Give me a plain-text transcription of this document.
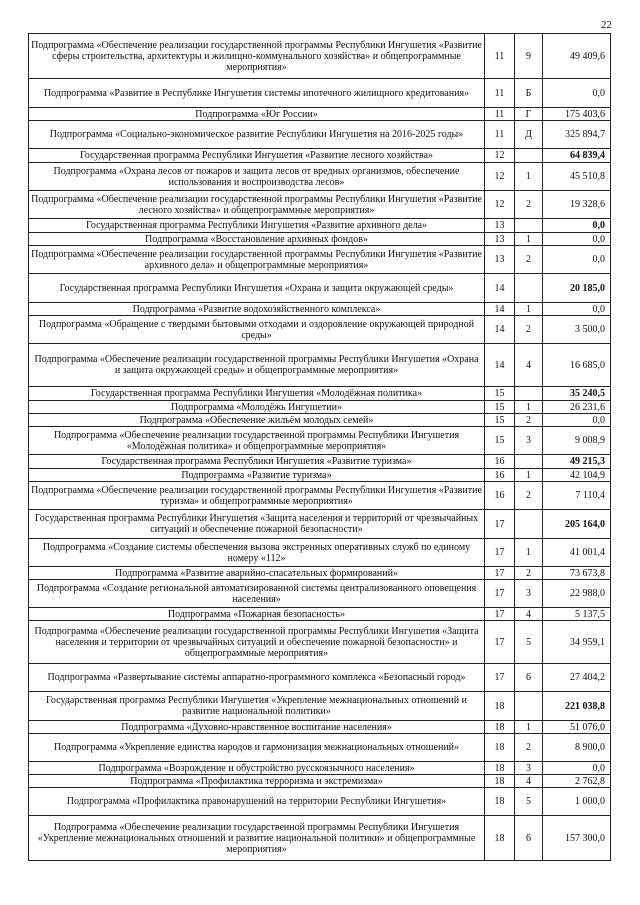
22
Подпрограмма «Обеспечение реализации государственной программы Республики Ингушетия «Развитие сферы строительства, архитектуры и жилищно-коммунального хозяйства» и общепрограммные мероприятия»	11	9	49 409,6
Подпрограмма «Развитие в Республике Ингушетия системы ипотечного жилищного кредитования»	11	Б	0,0
Подпрограмма «Юг России»	11	Г	175 403,6
Подпрограмма «Социально-экономическое развитие Республики Ингушетия на 2016-2025 годы»	11	Д	325 894,7
Государственная программа Республики Ингушетия «Развитие лесного хозяйства»	12		64 839,4
Подпрограмма «Охрана лесов от пожаров и защита лесов от вредных организмов, обеспечение использования и воспроизводства лесов»	12	1	45 510,8
Подпрограмма «Обеспечение реализации государственной программы Республики Ингушетия «Развитие лесного хозяйства» и общепрограммные мероприятия»	12	2	19 328,6
Государственная программа Республики Ингушетия «Развитие архивного дела»	13		0,0
Подпрограмма «Восстановление архивных фондов»	13	1	0,0
Подпрограмма «Обеспечение реализации государственной программы Республики Ингушетия «Развитие архивного дела» и общепрограммные мероприятия»	13	2	0,0
Государственная программа Республики Ингушетия «Охрана и защита окружающей среды»	14		20 185,0
Подпрограмма «Развитие водохозяйственного комплекса»	14	1	0,0
Подпрограмма «Обращение с твердыми бытовыми отходами и оздоровление окружающей природной среды»	14	2	3 500,0
Подпрограмма «Обеспечение реализации государственной программы Республики Ингушетия «Охрана и защита окружающей среды» и общепрограммные мероприятия»	14	4	16 685,0
Государственная программа Республики Ингушетия «Молодёжная политика»	15		35 240,5
Подпрограмма «Молодёжь Ингушетии»	15	1	26 231,6
Подпрограмма «Обеспечение жильём молодых семей»	15	2	0,0
Подпрограмма «Обеспечение реализации государственной программы Республики Ингушетия «Молодёжная политика» и общепрограммные мероприятия»	15	3	9 008,9
Государственная программа Республики Ингушетия «Развитие туризма»	16		49 215,3
Подпрограмма «Развитие туризма»	16	1	42 104,9
Подпрограмма «Обеспечение реализации государственной программы Республики Ингушетия «Развитие туризма» и общепрограммные мероприятия»	16	2	7 110,4
Государственная программа Республики Ингушетия «Защита населения и территорий от чрезвычайных ситуаций и обеспечение пожарной безопасности»	17		205 164,0
Подпрограмма «Создание системы обеспечения вызова экстренных оперативных служб по единому номеру «112»	17	1	41 001,4
Подпрограмма «Развитие аварийно-спасательных формирований»	17	2	73 673,8
Подпрограмма «Создание региональной автоматизированной системы централизованного оповещения населения»	17	3	22 988,0
Подпрограмма «Пожарная безопасность»	17	4	5 137,5
Подпрограмма «Обеспечение реализации государственной программы Республики Ингушетия «Защита населения и территории от чрезвычайных ситуаций и обеспечение пожарной безопасности» и общепрограммные мероприятия»	17	5	34 959,1
Подпрограмма «Развертывание системы аппаратно-программного комплекса «Безопасный город»	17	6	27 404,2
Государственная программа Республики Ингушетия «Укрепление межнациональных отношений и развитие национальной политики»	18		221 038,8
Подпрограмма «Духовно-нравственное воспитание населения»	18	1	51 076,0
Подпрограмма «Укрепление единства народов и гармонизация межнациональных отношений»	18	2	8 900,0
Подпрограмма «Возрождение и обустройство русскоязычного населения»	18	3	0,0
Подпрограмма «Профилактика терроризма и экстремизма»	18	4	2 762,8
Подпрограмма «Профилактика правонарушений на территории Республики Ингушетия»	18	5	1 000,0
Подпрограмма «Обеспечение реализации государственной программы Республики Ингушетия «Укрепление межнациональных отношений и развитие национальной политики» и общепрограммные мероприятия»	18	6	157 300,0
